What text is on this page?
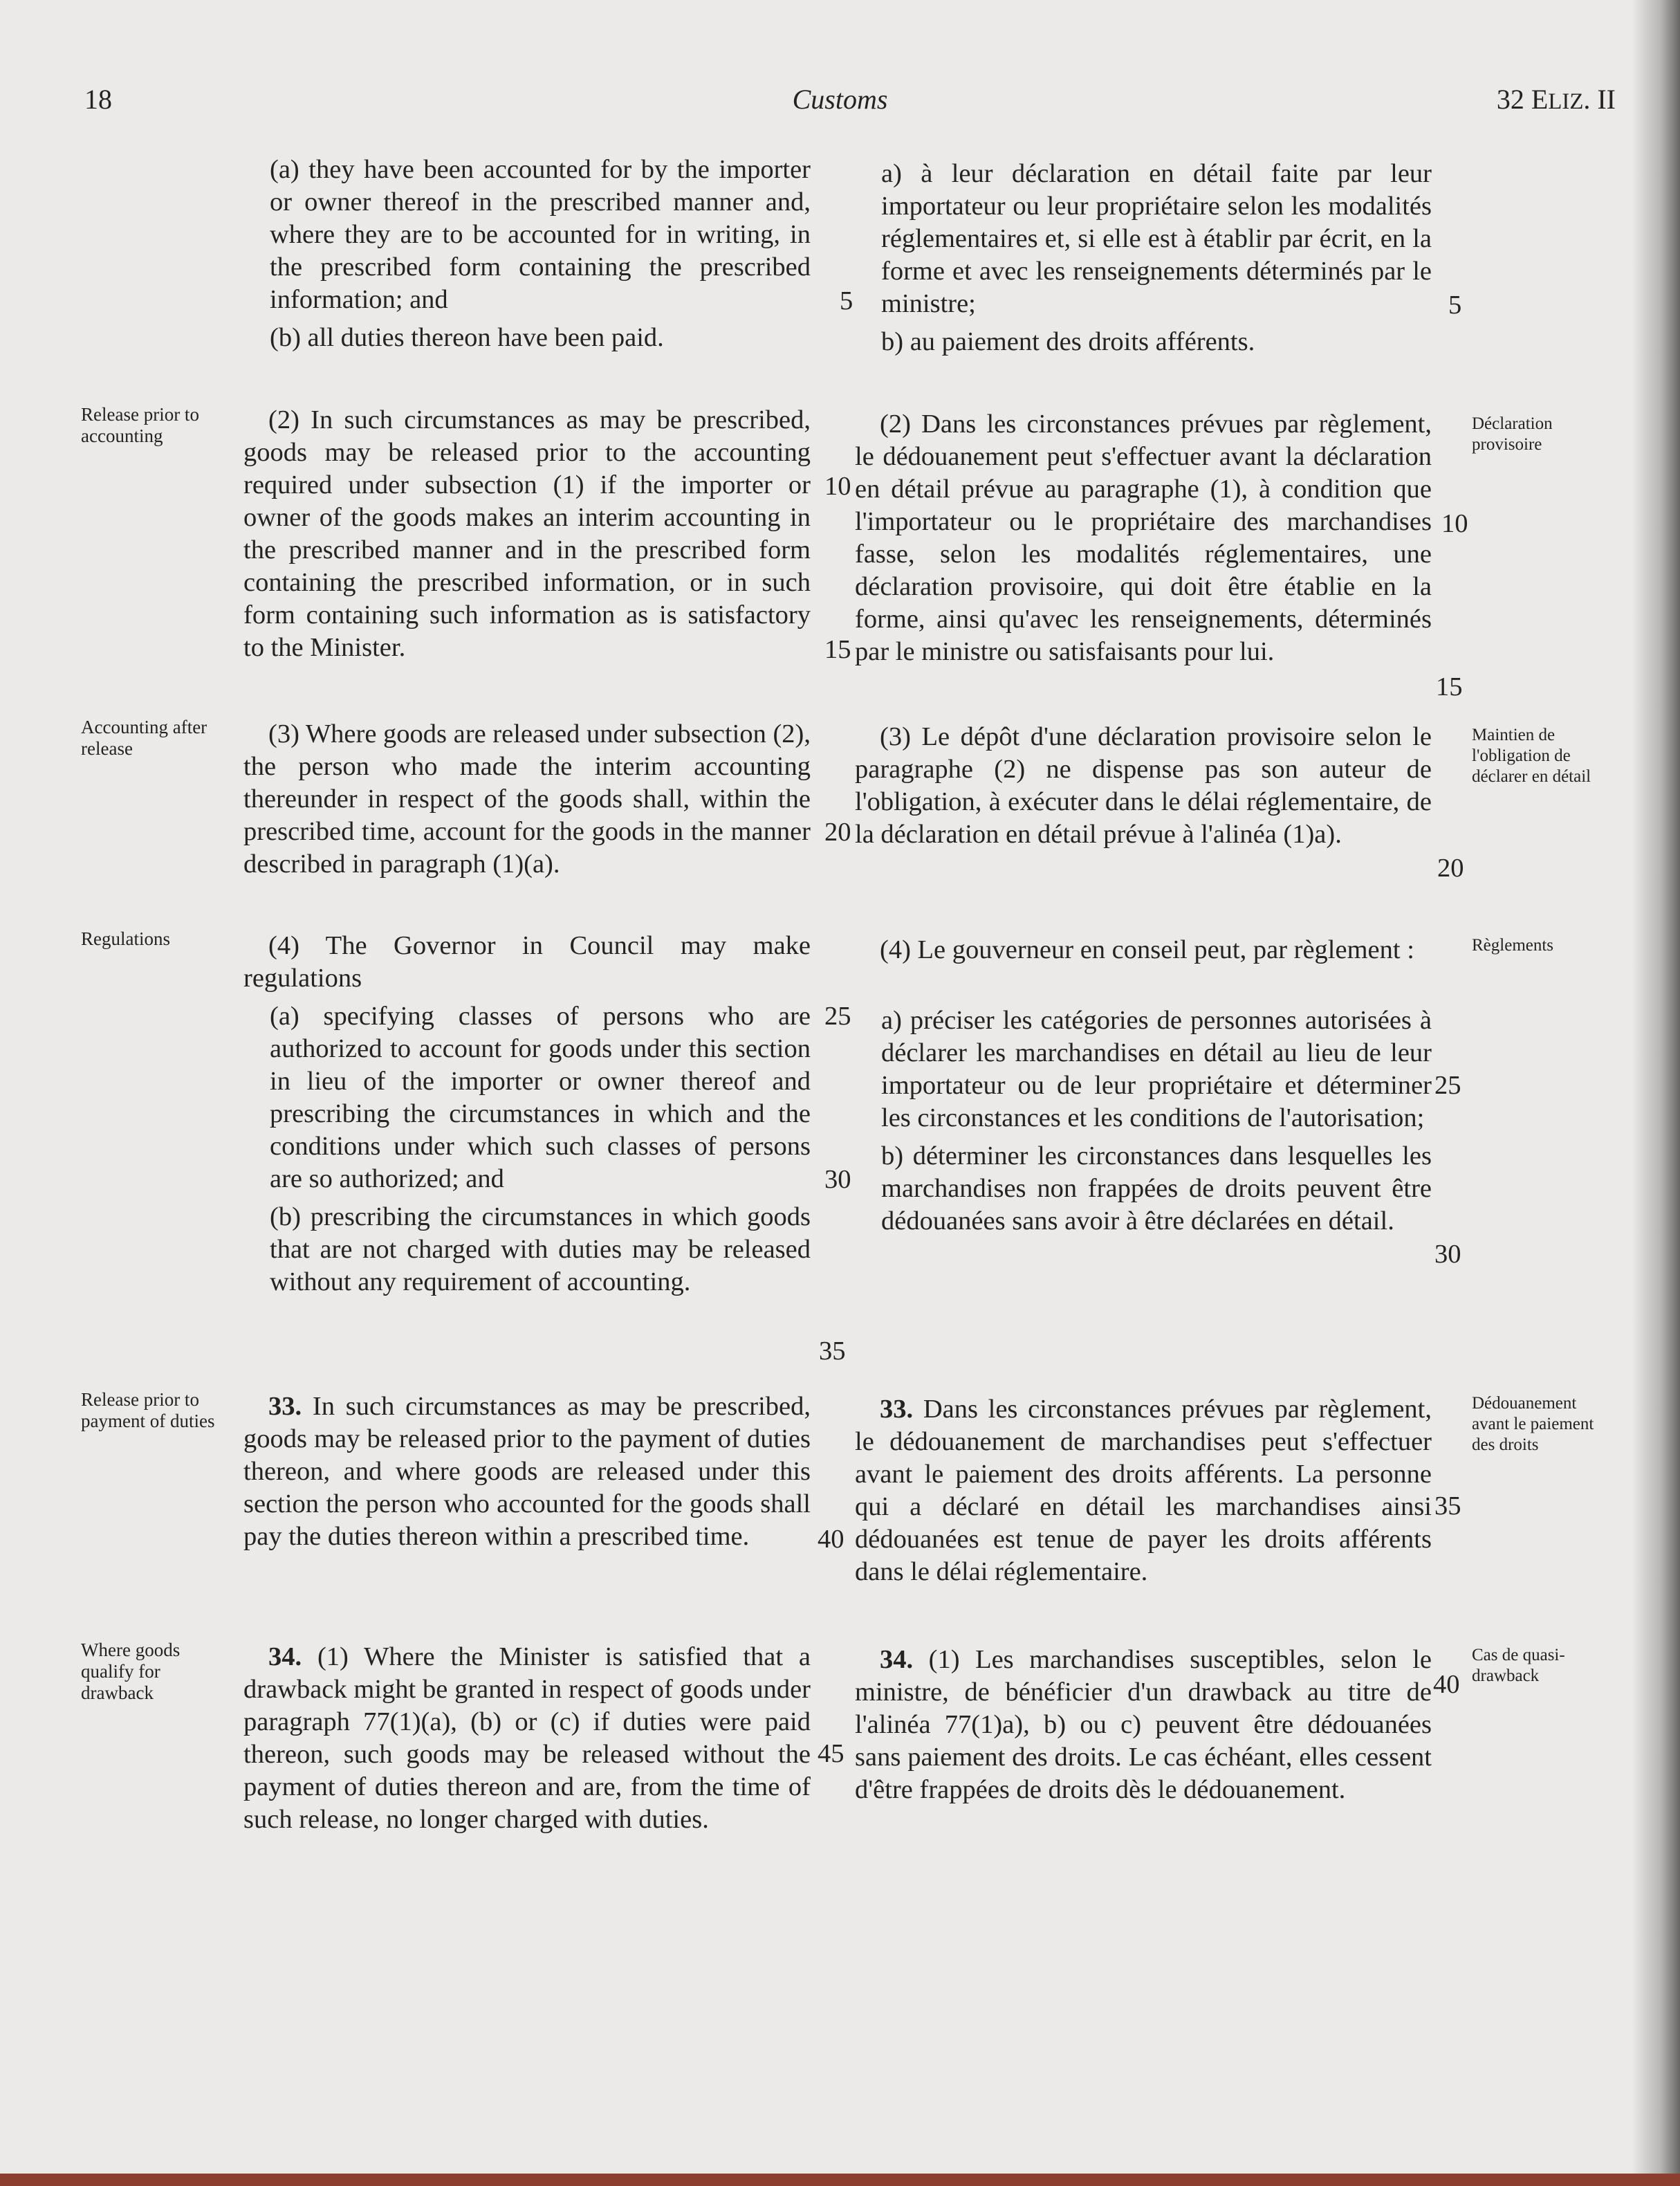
18	Customs	32 ELIZ. II

(a) they have been accounted for by the importer or owner thereof in the prescribed manner and, where they are to be accounted for in writing, in the prescribed form containing the prescribed information; and

(b) all duties thereon have been paid.

(2) In such circumstances as may be prescribed, goods may be released prior to the accounting required under subsection (1) if the importer or owner of the goods makes an interim accounting in the prescribed manner and in the prescribed form containing the prescribed information, or in such form containing such information as is satisfactory to the Minister.

(3) Where goods are released under subsection (2), the person who made the interim accounting thereunder in respect of the goods shall, within the prescribed time, account for the goods in the manner described in paragraph (1)(a).

(4) The Governor in Council may make regulations

(a) specifying classes of persons who are authorized to account for goods under this section in lieu of the importer or owner thereof and prescribing the circumstances in which and the conditions under which such classes of persons are so authorized; and

(b) prescribing the circumstances in which goods that are not charged with duties may be released without any requirement of accounting.

33. In such circumstances as may be prescribed, goods may be released prior to the payment of duties thereon, and where goods are released under this section the person who accounted for the goods shall pay the duties thereon within a prescribed time.

34. (1) Where the Minister is satisfied that a drawback might be granted in respect of goods under paragraph 77(1)(a), (b) or (c) if duties were paid thereon, such goods may be released without the payment of duties thereon and are, from the time of such release, no longer charged with duties.

a) à leur déclaration en détail faite par leur importateur ou leur propriétaire selon les modalités réglementaires et, si elle est à établir par écrit, en la forme et avec les renseignements déterminés par le ministre;

b) au paiement des droits afférents.

(2) Dans les circonstances prévues par règlement, le dédouanement peut s'effectuer avant la déclaration en détail prévue au paragraphe (1), à condition que l'importateur ou le propriétaire des marchandises fasse, selon les modalités réglementaires, une déclaration provisoire, qui doit être établie en la forme, ainsi qu'avec les renseignements, déterminés par le ministre ou satisfaisants pour lui.

(3) Le dépôt d'une déclaration provisoire selon le paragraphe (2) ne dispense pas son auteur de l'obligation, à exécuter dans le délai réglementaire, de la déclaration en détail prévue à l'alinéa (1)a).

(4) Le gouverneur en conseil peut, par règlement :

a) préciser les catégories de personnes autorisées à déclarer les marchandises en détail au lieu de leur importateur ou de leur propriétaire et déterminer les circonstances et les conditions de l'autorisation;

b) déterminer les circonstances dans lesquelles les marchandises non frappées de droits peuvent être dédouanées sans avoir à être déclarées en détail.

33. Dans les circonstances prévues par règlement, le dédouanement de marchandises peut s'effectuer avant le paiement des droits afférents. La personne qui a déclaré en détail les marchandises ainsi dédouanées est tenue de payer les droits afférents dans le délai réglementaire.

34. (1) Les marchandises susceptibles, selon le ministre, de bénéficier d'un drawback au titre de l'alinéa 77(1)a), b) ou c) peuvent être dédouanées sans paiement des droits. Le cas échéant, elles cessent d'être frappées de droits dès le dédouanement.

5
10
15
20
25
30
35
40
45
5
10
15
20
25
30
35
40

Release prior to accounting

Accounting after release

Regulations

Release prior to payment of duties

Where goods qualify for drawback

Déclaration provisoire

Maintien de l'obligation de déclarer en détail

Règlements

Dédouanement avant le paiement des droits

Cas de quasi-drawback
